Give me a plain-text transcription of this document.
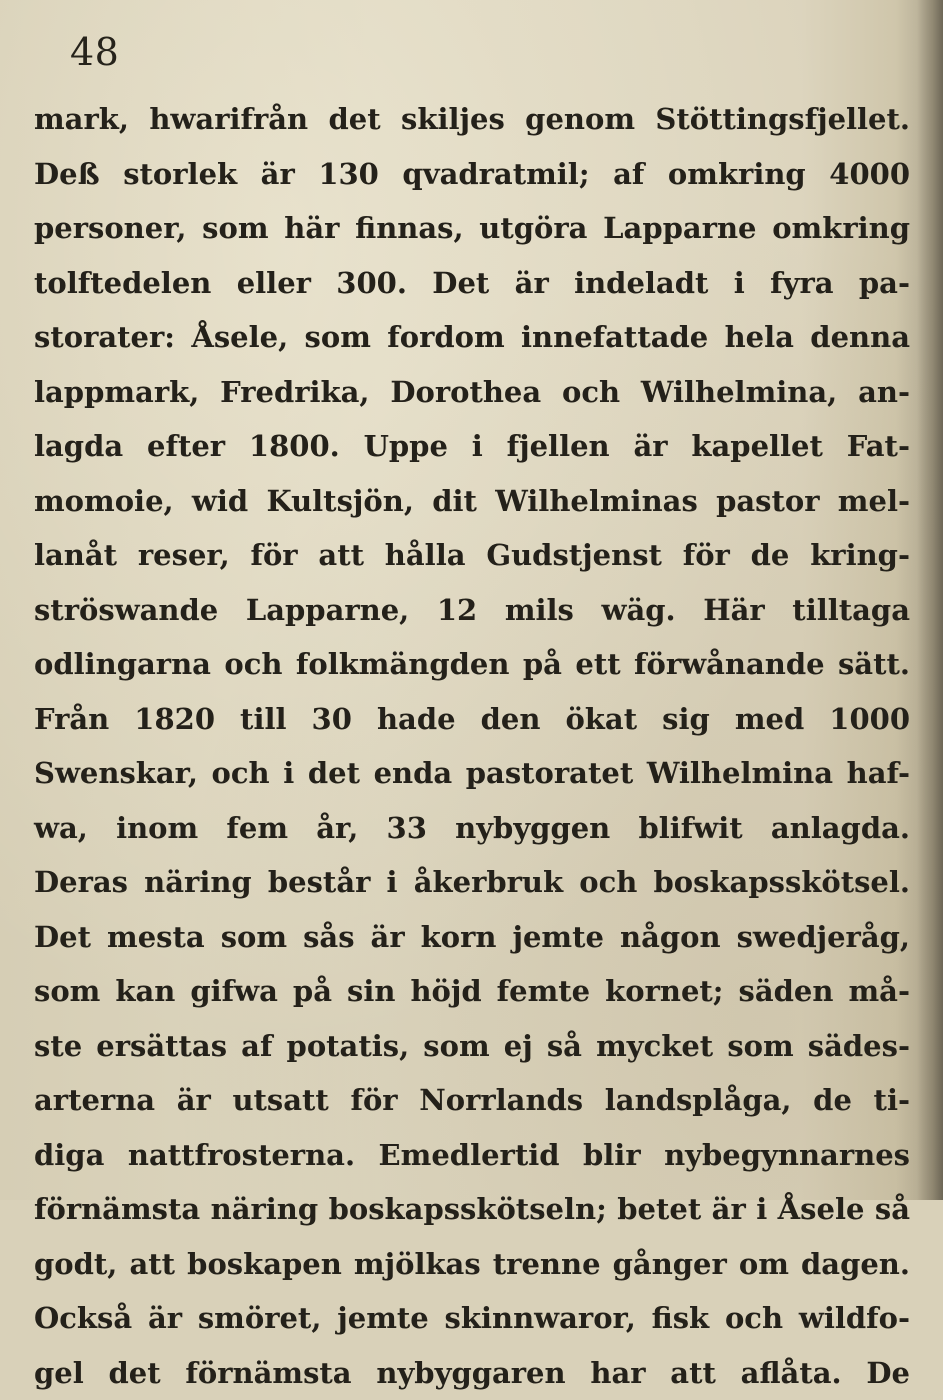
48
mark, hwarifrån det skiljes genom Stöttingsfjellet.
Deß storlek är 130 qvadratmil; af omkring 4000
personer, som här finnas, utgöra Lapparne omkring
tolftedelen eller 300. Det är indeladt i fyra pa-
storater: Åsele, som fordom innefattade hela denna
lappmark, Fredrika, Dorothea och Wilhelmina, an-
lagda efter 1800. Uppe i fjellen är kapellet Fat-
momoie, wid Kultsjön, dit Wilhelminas pastor mel-
lanåt reser, för att hålla Gudstjenst för de kring-
ströswande Lapparne, 12 mils wäg. Här tilltaga
odlingarna och folkmängden på ett förwånande sätt.
Från 1820 till 30 hade den ökat sig med 1000
Swenskar, och i det enda pastoratet Wilhelmina haf-
wa, inom fem år, 33 nybyggen blifwit anlagda.
Deras näring består i åkerbruk och boskapsskötsel.
Det mesta som sås är korn jemte någon swedjeråg,
som kan gifwa på sin höjd femte kornet; säden må-
ste ersättas af potatis, som ej så mycket som sädes-
arterna är utsatt för Norrlands landsplåga, de ti-
diga nattfrosterna. Emedlertid blir nybegynnarnes
förnämsta näring boskapsskötseln; betet är i Åsele så
godt, att boskapen mjölkas trenne gånger om dagen.
Också är smöret, jemte skinnwaror, fisk och wildfo-
gel det förnämsta nybyggaren har att aflåta. De
